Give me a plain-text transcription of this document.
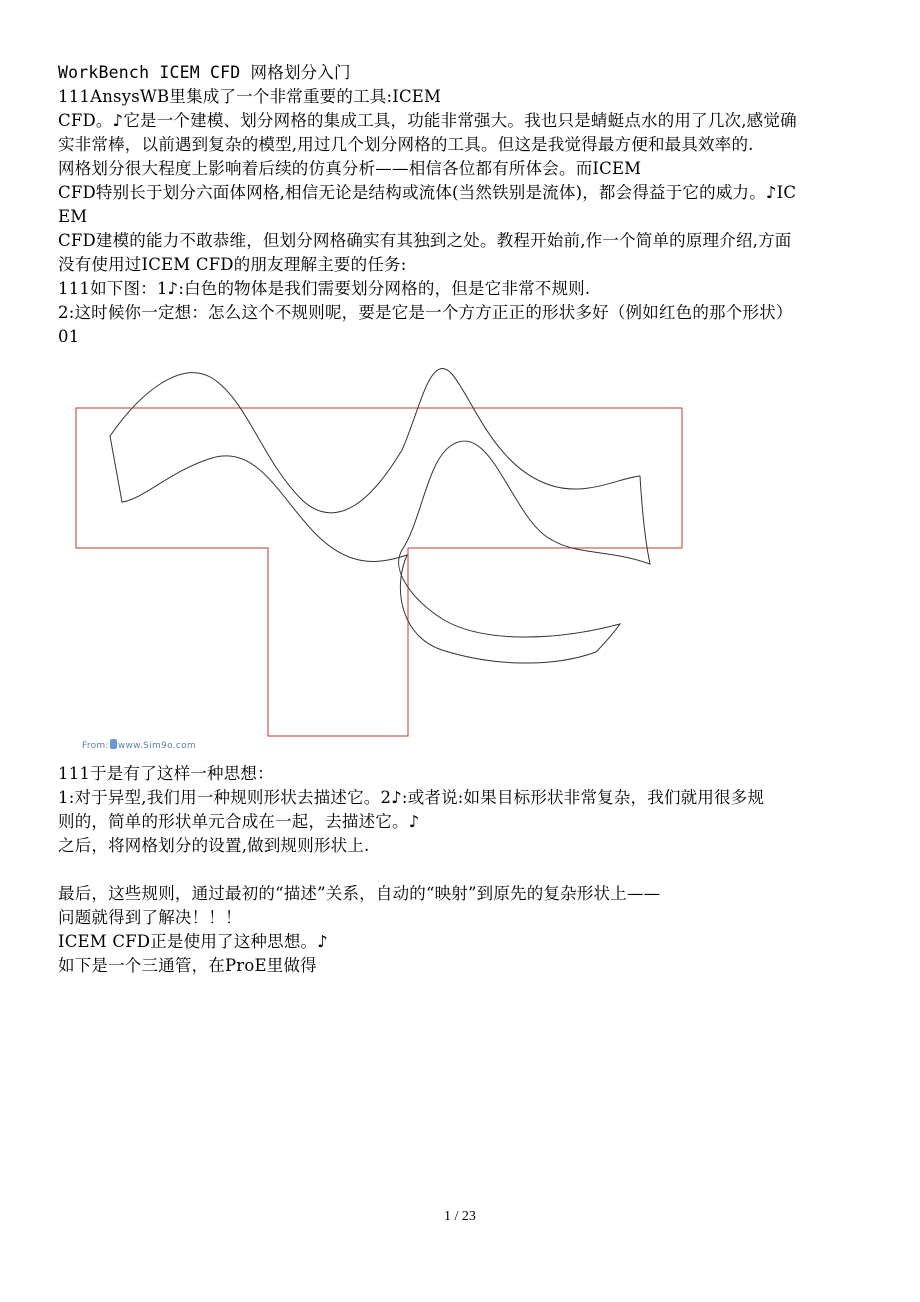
WorkBench ICEM CFD 网格划分入门
111AnsysWB里集成了一个非常重要的工具:ICEM
CFD。♪它是一个建模、划分网格的集成工具，功能非常强大。我也只是蜻蜓点水的用了几次,感觉确
实非常棒，以前遇到复杂的模型,用过几个划分网格的工具。但这是我觉得最方便和最具效率的.
网格划分很大程度上影响着后续的仿真分析——相信各位都有所体会。而ICEM
CFD特别长于划分六面体网格,相信无论是结构或流体(当然铁别是流体)，都会得益于它的威力。♪IC
EM
CFD建模的能力不敢恭维，但划分网格确实有其独到之处。教程开始前,作一个简单的原理介绍,方面
没有使用过ICEM CFD的朋友理解主要的任务:
111如下图：1♪:白色的物体是我们需要划分网格的，但是它非常不规则.
2:这时候你一定想：怎么这个不规则呢，要是它是一个方方正正的形状多好（例如红色的那个形状）
01
From: www.Sim9o.com
111于是有了这样一种思想：
1:对于异型,我们用一种规则形状去描述它。2♪:或者说:如果目标形状非常复杂，我们就用很多规
则的，简单的形状单元合成在一起，去描述它。♪
之后，将网格划分的设置,做到规则形状上.
最后，这些规则，通过最初的“描述”关系，自动的“映射”到原先的复杂形状上——
问题就得到了解决！！！
ICEM CFD正是使用了这种思想。♪
如下是一个三通管，在ProE里做得
1 / 23
